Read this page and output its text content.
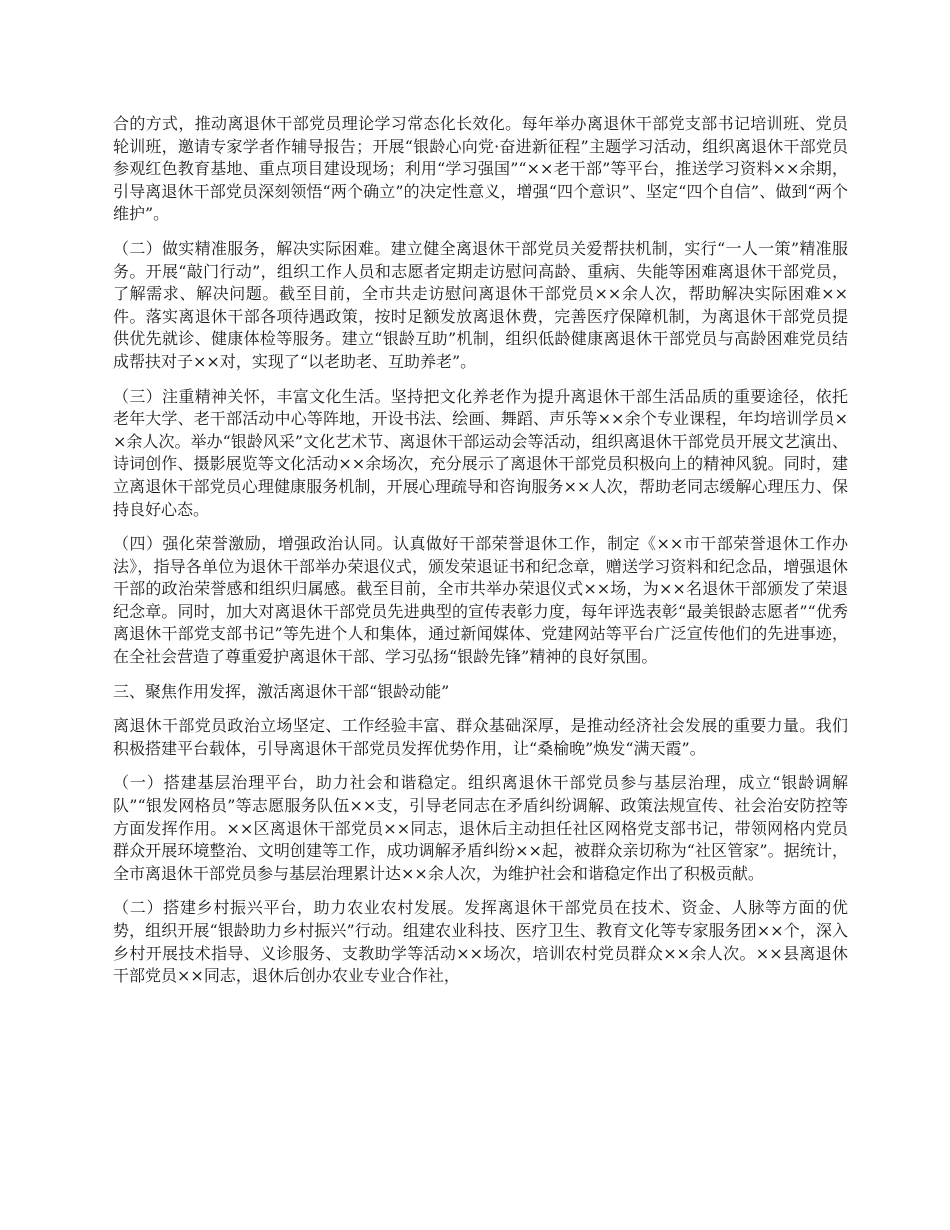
合的方式，推动离退休干部党员理论学习常态化长效化。每年举办离退休干部党支部书记培训班、党员轮训班，邀请专家学者作辅导报告；开展“银龄心向党·奋进新征程”主题学习活动，组织离退休干部党员参观红色教育基地、重点项目建设现场；利用“学习强国”“××老干部”等平台，推送学习资料××余期，引导离退休干部党员深刻领悟“两个确立”的决定性意义，增强“四个意识”、坚定“四个自信”、做到“两个维护”。

（二）做实精准服务，解决实际困难。建立健全离退休干部党员关爱帮扶机制，实行“一人一策”精准服务。开展“敲门行动”，组织工作人员和志愿者定期走访慰问高龄、重病、失能等困难离退休干部党员，了解需求、解决问题。截至目前，全市共走访慰问离退休干部党员××余人次，帮助解决实际困难××件。落实离退休干部各项待遇政策，按时足额发放离退休费，完善医疗保障机制，为离退休干部党员提供优先就诊、健康体检等服务。建立“银龄互助”机制，组织低龄健康离退休干部党员与高龄困难党员结成帮扶对子××对，实现了“以老助老、互助养老”。

（三）注重精神关怀，丰富文化生活。坚持把文化养老作为提升离退休干部生活品质的重要途径，依托老年大学、老干部活动中心等阵地，开设书法、绘画、舞蹈、声乐等××余个专业课程，年均培训学员××余人次。举办“银龄风采”文化艺术节、离退休干部运动会等活动，组织离退休干部党员开展文艺演出、诗词创作、摄影展览等文化活动××余场次，充分展示了离退休干部党员积极向上的精神风貌。同时，建立离退休干部党员心理健康服务机制，开展心理疏导和咨询服务××人次，帮助老同志缓解心理压力、保持良好心态。

（四）强化荣誉激励，增强政治认同。认真做好干部荣誉退休工作，制定《××市干部荣誉退休工作办法》，指导各单位为退休干部举办荣退仪式，颁发荣退证书和纪念章，赠送学习资料和纪念品，增强退休干部的政治荣誉感和组织归属感。截至目前，全市共举办荣退仪式××场，为××名退休干部颁发了荣退纪念章。同时，加大对离退休干部党员先进典型的宣传表彰力度，每年评选表彰“最美银龄志愿者”“优秀离退休干部党支部书记”等先进个人和集体，通过新闻媒体、党建网站等平台广泛宣传他们的先进事迹，在全社会营造了尊重爱护离退休干部、学习弘扬“银龄先锋”精神的良好氛围。

三、聚焦作用发挥，激活离退休干部“银龄动能”

离退休干部党员政治立场坚定、工作经验丰富、群众基础深厚，是推动经济社会发展的重要力量。我们积极搭建平台载体，引导离退休干部党员发挥优势作用，让“桑榆晚”焕发“满天霞”。

（一）搭建基层治理平台，助力社会和谐稳定。组织离退休干部党员参与基层治理，成立“银龄调解队”“银发网格员”等志愿服务队伍××支，引导老同志在矛盾纠纷调解、政策法规宣传、社会治安防控等方面发挥作用。××区离退休干部党员××同志，退休后主动担任社区网格党支部书记，带领网格内党员群众开展环境整治、文明创建等工作，成功调解矛盾纠纷××起，被群众亲切称为“社区管家”。据统计，全市离退休干部党员参与基层治理累计达××余人次，为维护社会和谐稳定作出了积极贡献。

（二）搭建乡村振兴平台，助力农业农村发展。发挥离退休干部党员在技术、资金、人脉等方面的优势，组织开展“银龄助力乡村振兴”行动。组建农业科技、医疗卫生、教育文化等专家服务团××个，深入乡村开展技术指导、义诊服务、支教助学等活动××场次，培训农村党员群众××余人次。××县离退休干部党员××同志，退休后创办农业专业合作社，
